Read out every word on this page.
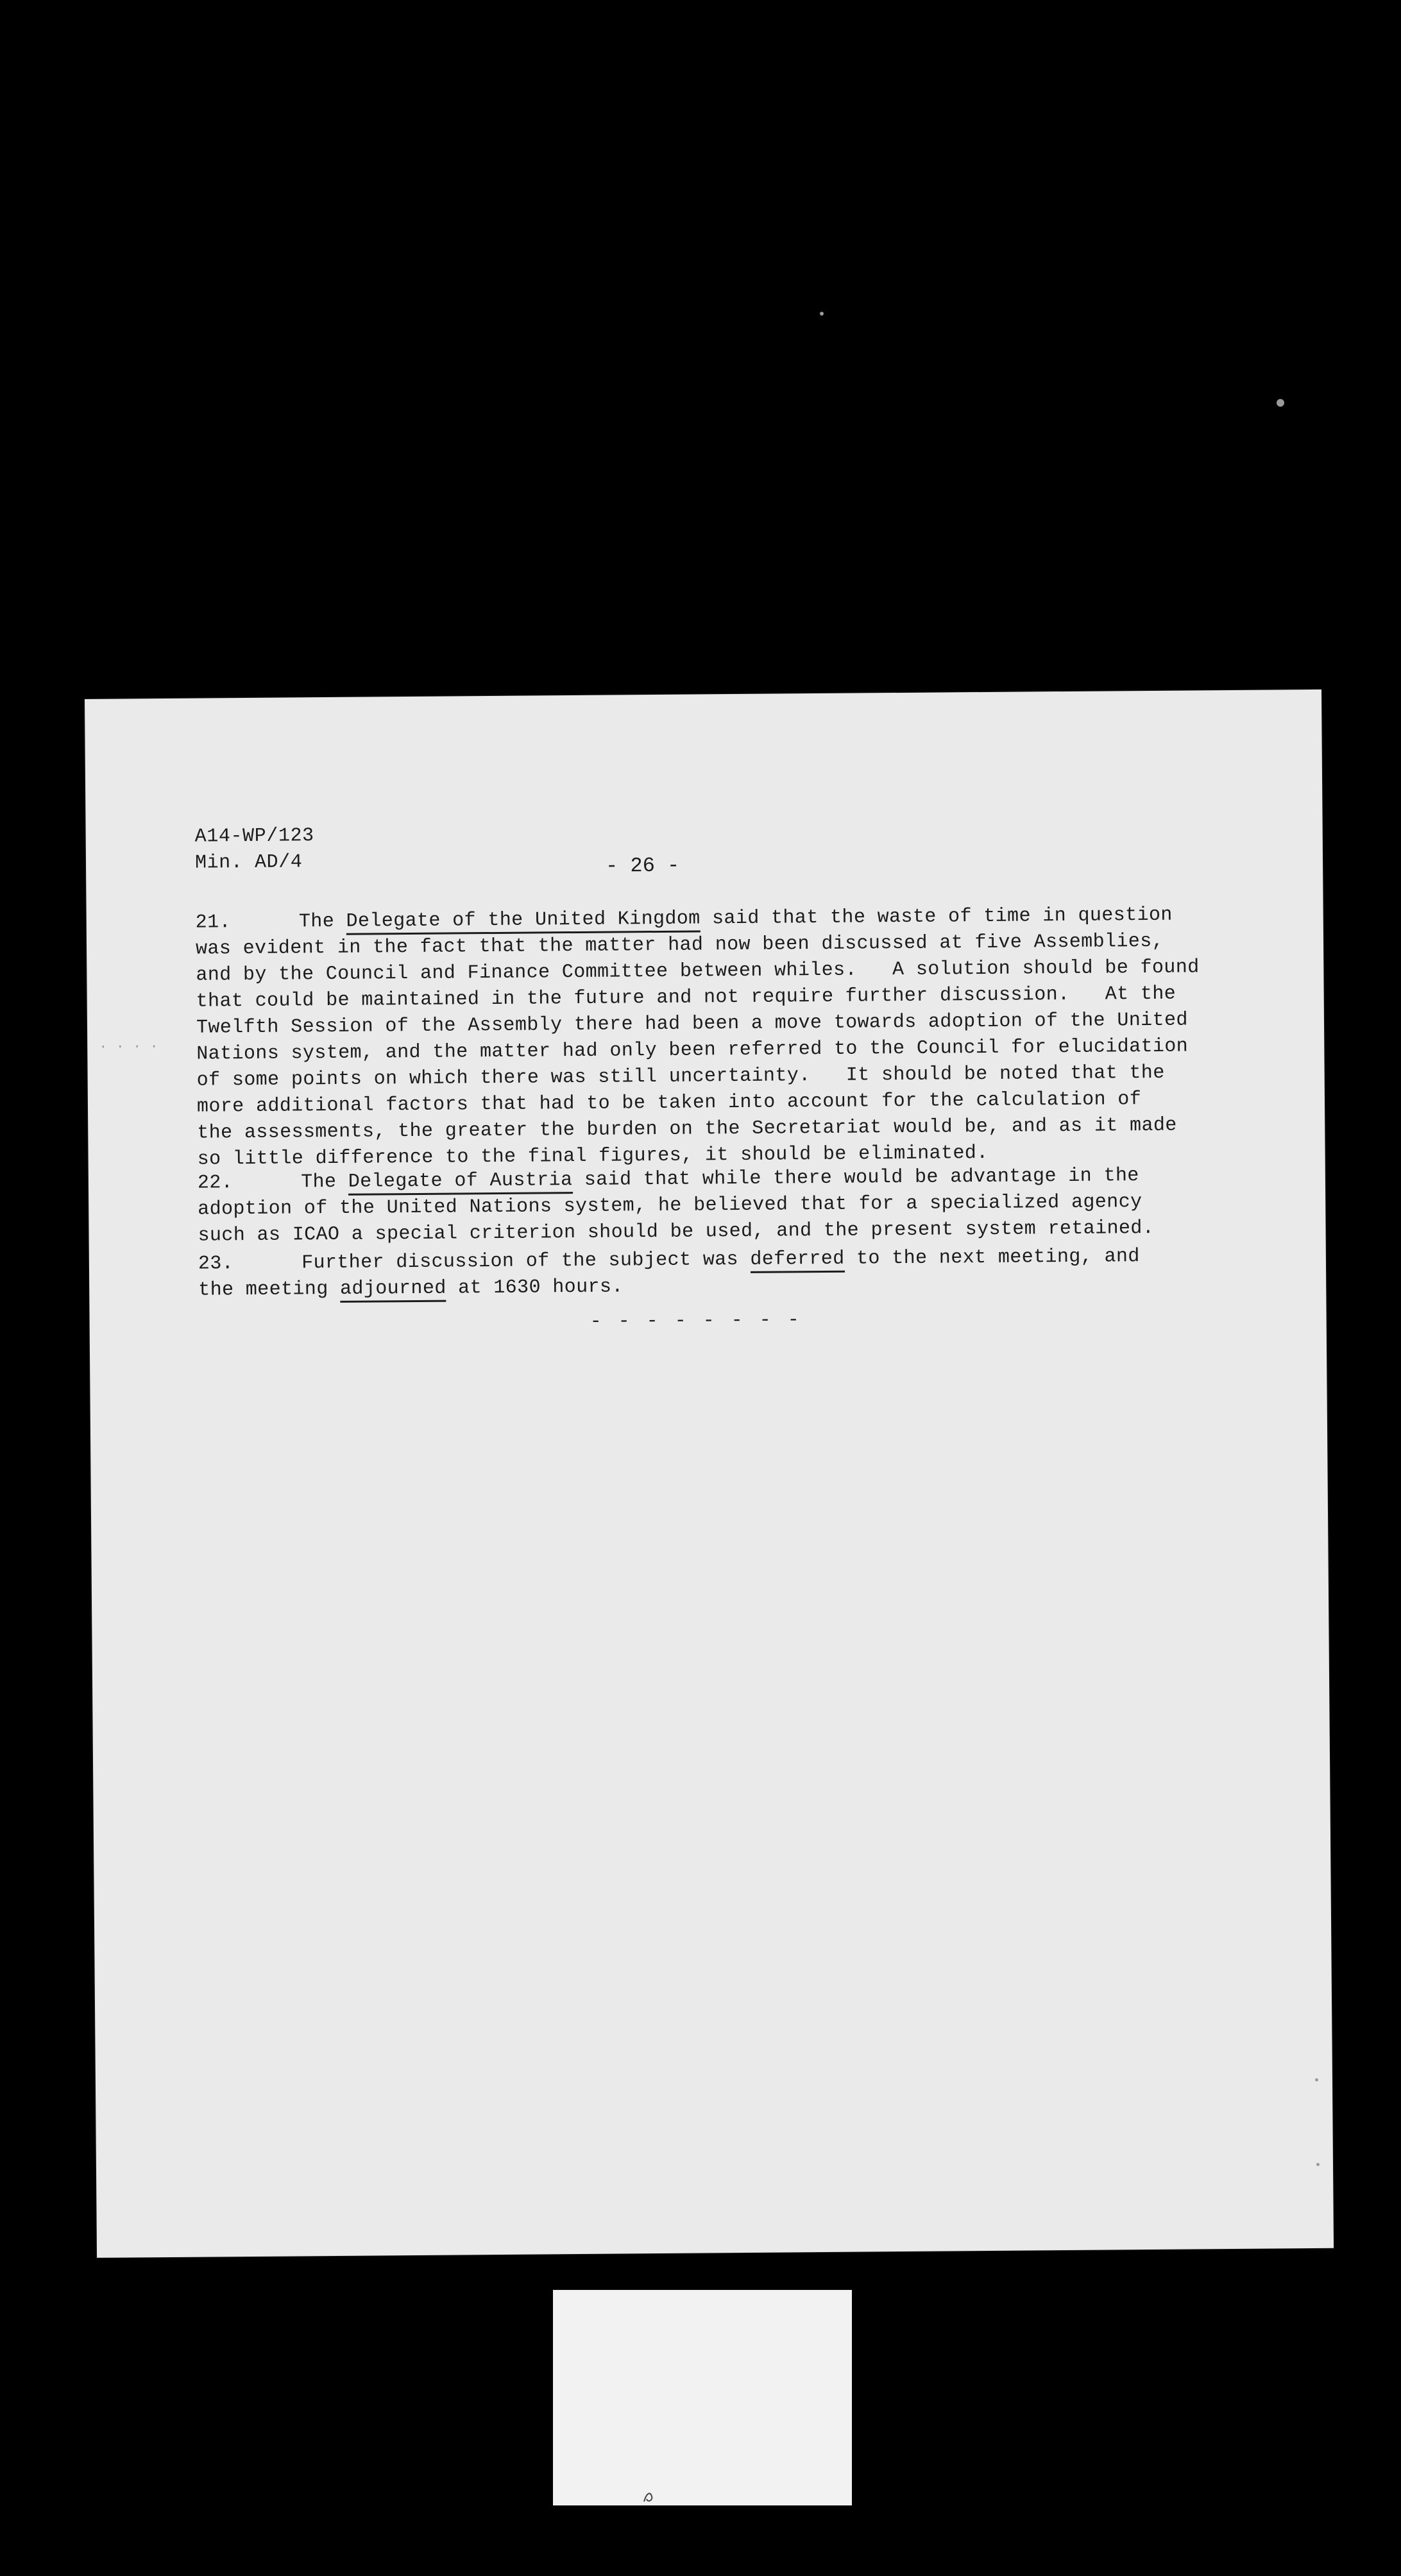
A14-WP/123
Min. AD/4	- 26 -
· · · ·
21.	The Delegate of the United Kingdom said that the waste of time in question
was evident in the fact that the matter had now been discussed at five Assemblies,
and by the Council and Finance Committee between whiles.   A solution should be found
that could be maintained in the future and not require further discussion.   At the
Twelfth Session of the Assembly there had been a move towards adoption of the United
Nations system, and the matter had only been referred to the Council for elucidation
of some points on which there was still uncertainty.   It should be noted that the
more additional factors that had to be taken into account for the calculation of
the assessments, the greater the burden on the Secretariat would be, and as it made
so little difference to the final figures, it should be eliminated.
22.	The Delegate of Austria said that while there would be advantage in the
adoption of the United Nations system, he believed that for a specialized agency
such as ICAO a special criterion should be used, and the present system retained.
23.	Further discussion of the subject was deferred to the next meeting, and
the meeting adjourned at 1630 hours.
- - - - - - - -
